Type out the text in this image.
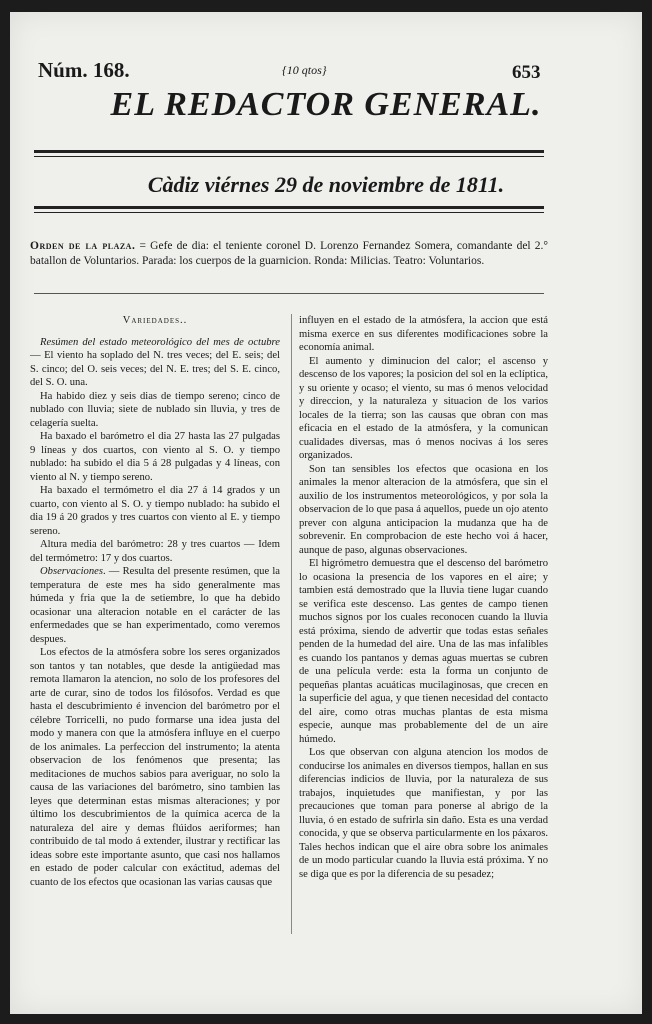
Núm. 168.	{10 qtos}	653
EL REDACTOR GENERAL.
Càdiz viérnes 29 de noviembre de 1811.
Orden de la plaza. = Gefe de dia: el teniente coronel D. Lorenzo Fernandez Somera, comandante del 2.° batallon de Voluntarios. Parada: los cuerpos de la guarnicion. Ronda: Milicias. Teatro: Voluntarios.
Variedades..

Resúmen del estado meteorológico del mes de octubre — El viento ha soplado del N. tres veces; del E. seis; del S. cinco; del O. seis veces; del N. E. tres; del S. E. cinco, del S. O. una.

Ha habido diez y seis dias de tiempo sereno; cinco de nublado con lluvia; siete de nublado sin lluvia, y tres de celagería suelta.

Ha baxado el barómetro el dia 27 hasta las 27 pulgadas 9 líneas y dos cuartos, con viento al S. O. y tiempo nublado: ha subido el dia 5 á 28 pulgadas y 4 líneas, con viento al N. y tiempo sereno.

Ha baxado el termómetro el dia 27 á 14 grados y un cuarto, con viento al S. O. y tiempo nublado: ha subido el dia 19 á 20 grados y tres cuartos con viento al E. y tiempo sereno.

Altura media del barómetro: 28 y tres cuartos — Idem del termómetro: 17 y dos cuartos.

Observaciones. — Resulta del presente resúmen, que la temperatura de este mes ha sido generalmente mas húmeda y fria que la de setiembre, lo que ha debido ocasionar una alteracion notable en el carácter de las enfermedades que se han experimentado, como veremos despues.

Los efectos de la atmósfera sobre los seres organizados son tantos y tan notables, que desde la antigüedad mas remota llamaron la atencion, no solo de los profesores del arte de curar, sino de todos los filósofos. Verdad es que hasta el descubrimiento é invencion del barómetro por el célebre Torricelli, no pudo formarse una idea justa del modo y manera con que la atmósfera influye en el cuerpo de los animales. La perfeccion del instrumento; la atenta observacion de los fenómenos que presenta; las meditaciones de muchos sabios para averiguar, no solo la causa de las variaciones del barómetro, sino tambien las leyes que determinan estas mismas alteraciones; y por último los descubrimientos de la química acerca de la naturaleza del aire y demas flúidos aeriformes; han contribuido de tal modo á extender, ilustrar y rectificar las ideas sobre este importante asunto, que casi nos hallamos en estado de poder calcular con exáctitud, ademas del cuanto de los efectos que ocasionan las varias causas que

influyen en el estado de la atmósfera, la accion que está misma exerce en sus diferentes modificaciones sobre la economía animal.

El aumento y diminucion del calor; el ascenso y descenso de los vapores; la posicion del sol en la eclíptica, y su oriente y ocaso; el viento, su mas ó menos velocidad y direccion, y la naturaleza y situacion de los varios locales de la tierra; son las causas que obran con mas eficacia en el estado de la atmósfera, y la comunican cualidades diversas, mas ó menos nocivas á los seres organizados.

Son tan sensibles los efectos que ocasiona en los animales la menor alteracion de la atmósfera, que sin el auxilio de los instrumentos meteorológicos, y por sola la observacion de lo que pasa á aquellos, puede un ojo atento prever con alguna anticipacion la mudanza que ha de sobrevenir. En comprobacion de este hecho voi á hacer, aunque de paso, algunas observaciones.

El higrómetro demuestra que el descenso del barómetro lo ocasiona la presencia de los vapores en el aire; y tambien está demostrado que la lluvia tiene lugar cuando se verifica este descenso. Las gentes de campo tienen muchos signos por los cuales reconocen cuando la lluvia está próxima, siendo de advertir que todas estas señales penden de la humedad del aire. Una de las mas infalibles es cuando los pantanos y demas aguas muertas se cubren de una película verde: esta la forma un conjunto de pequeñas plantas acuáticas mucilaginosas, que crecen en la superficie del agua, y que tienen necesidad del contacto del aire, como otras muchas plantas de esta misma especie, aunque mas probablemente del de un aire húmedo.

Los que observan con alguna atencion los modos de conducirse los animales en diversos tiempos, hallan en sus diferencias indicios de lluvia, por la naturaleza de sus trabajos, inquietudes que manifiestan, y por las precauciones que toman para ponerse al abrigo de la lluvia, ó en estado de sufrirla sin daño. Esta es una verdad conocida, y que se observa particularmente en los páxaros. Tales hechos indican que el aire obra sobre los animales de un modo particular cuando la lluvia está próxima. Y no se diga que es por la diferencia de su pesadez;
